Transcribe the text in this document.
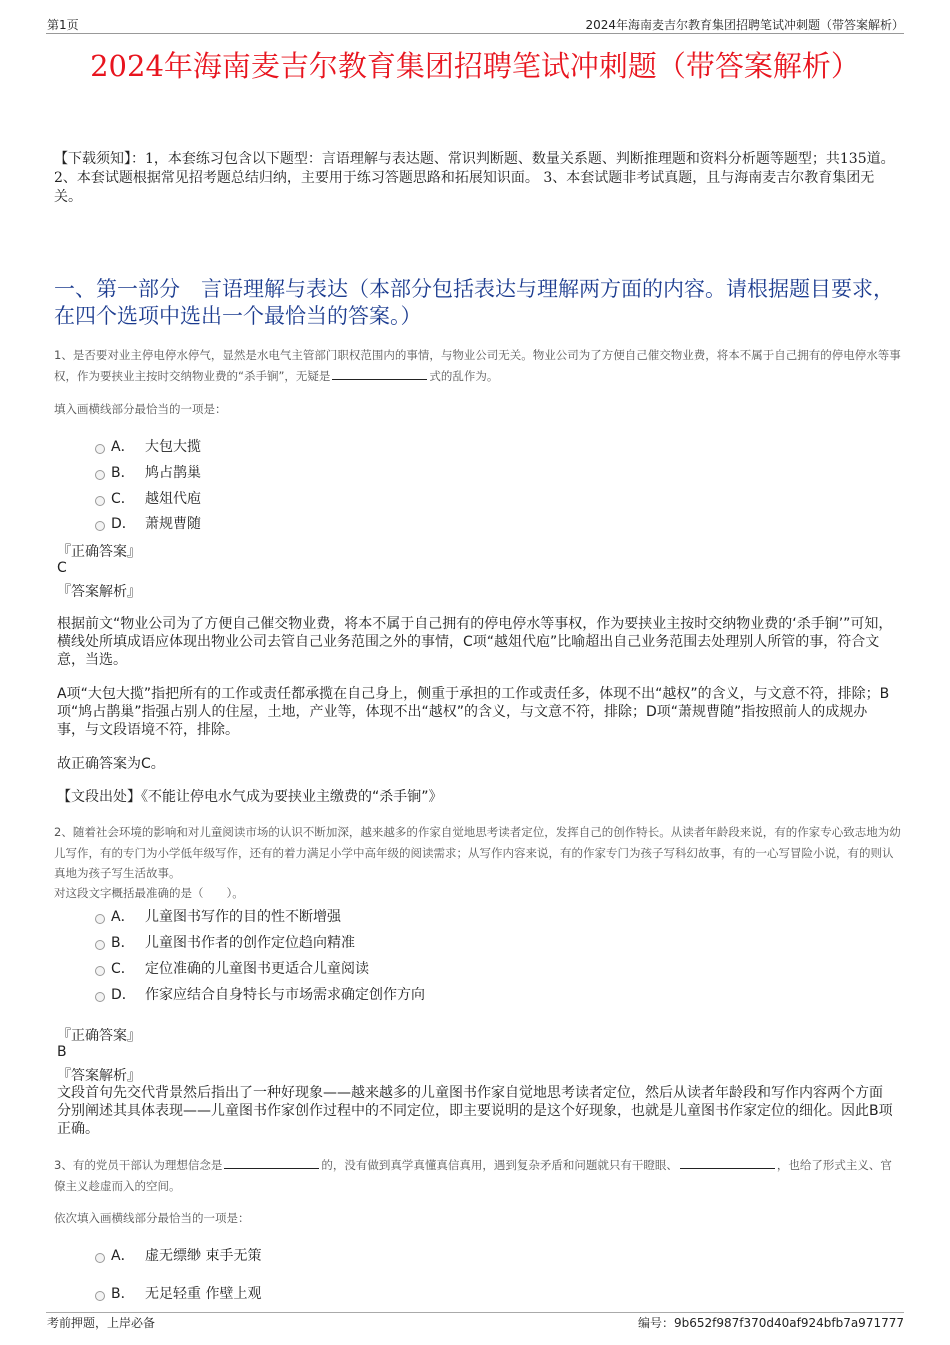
第1页	2024年海南麦吉尔教育集团招聘笔试冲刺题（带答案解析）
2024年海南麦吉尔教育集团招聘笔试冲刺题（带答案解析）
【下载须知】：1，本套练习包含以下题型：言语理解与表达题、常识判断题、数量关系题、判断推理题和资料分析题等题型；共135道。2、本套试题根据常见招考题总结归纳，主要用于练习答题思路和拓展知识面。 3、本套试题非考试真题，且与海南麦吉尔教育集团无关。
一、第一部分　言语理解与表达（本部分包括表达与理解两方面的内容。请根据题目要求，在四个选项中选出一个最恰当的答案。）
1、是否要对业主停电停水停气，显然是水电气主管部门职权范围内的事情，与物业公司无关。物业公司为了方便自己催交物业费，将本不属于自己拥有的停电停水等事权，作为要挟业主按时交纳物业费的“杀手锏”，无疑是	式的乱作为。
填入画横线部分最恰当的一项是：
A． 大包大揽
B． 鸠占鹊巢
C． 越俎代庖
D． 萧规曹随
『正确答案』
C
『答案解析』
根据前文“物业公司为了方便自己催交物业费，将本不属于自己拥有的停电停水等事权，作为要挟业主按时交纳物业费的‘杀手锏’”可知，横线处所填成语应体现出物业公司去管自己业务范围之外的事情，C项“越俎代庖”比喻超出自己业务范围去处理别人所管的事，符合文意，当选。
A项“大包大揽”指把所有的工作或责任都承揽在自己身上，侧重于承担的工作或责任多，体现不出“越权”的含义，与文意不符，排除；B项“鸠占鹊巢”指强占别人的住屋，土地，产业等，体现不出“越权”的含义，与文意不符，排除；D项“萧规曹随”指按照前人的成规办事，与文段语境不符，排除。
故正确答案为C。
【文段出处】《不能让停电水气成为要挟业主缴费的“杀手锏”》
2、随着社会环境的影响和对儿童阅读市场的认识不断加深，越来越多的作家自觉地思考读者定位，发挥自己的创作特长。从读者年龄段来说，有的作家专心致志地为幼儿写作，有的专门为小学低年级写作，还有的着力满足小学中高年级的阅读需求；从写作内容来说，有的作家专门为孩子写科幻故事，有的一心写冒险小说，有的则认真地为孩子写生活故事。
对这段文字概括最准确的是（　　）。
A． 儿童图书写作的目的性不断增强
B． 儿童图书作者的创作定位趋向精准
C． 定位准确的儿童图书更适合儿童阅读
D． 作家应结合自身特长与市场需求确定创作方向
『正确答案』
B
『答案解析』
文段首句先交代背景然后指出了一种好现象——越来越多的儿童图书作家自觉地思考读者定位，然后从读者年龄段和写作内容两个方面分别阐述其具体表现——儿童图书作家创作过程中的不同定位，即主要说明的是这个好现象，也就是儿童图书作家定位的细化。因此B项正确。
3、有的党员干部认为理想信念是	的，没有做到真学真懂真信真用，遇到复杂矛盾和问题就只有干瞪眼、	，也给了形式主义、官僚主义趁虚而入的空间。
依次填入画横线部分最恰当的一项是：
A． 虚无缥缈 束手无策
B． 无足轻重 作壁上观
考前押题，上岸必备	编号：9b652f987f370d40af924bfb7a971777
